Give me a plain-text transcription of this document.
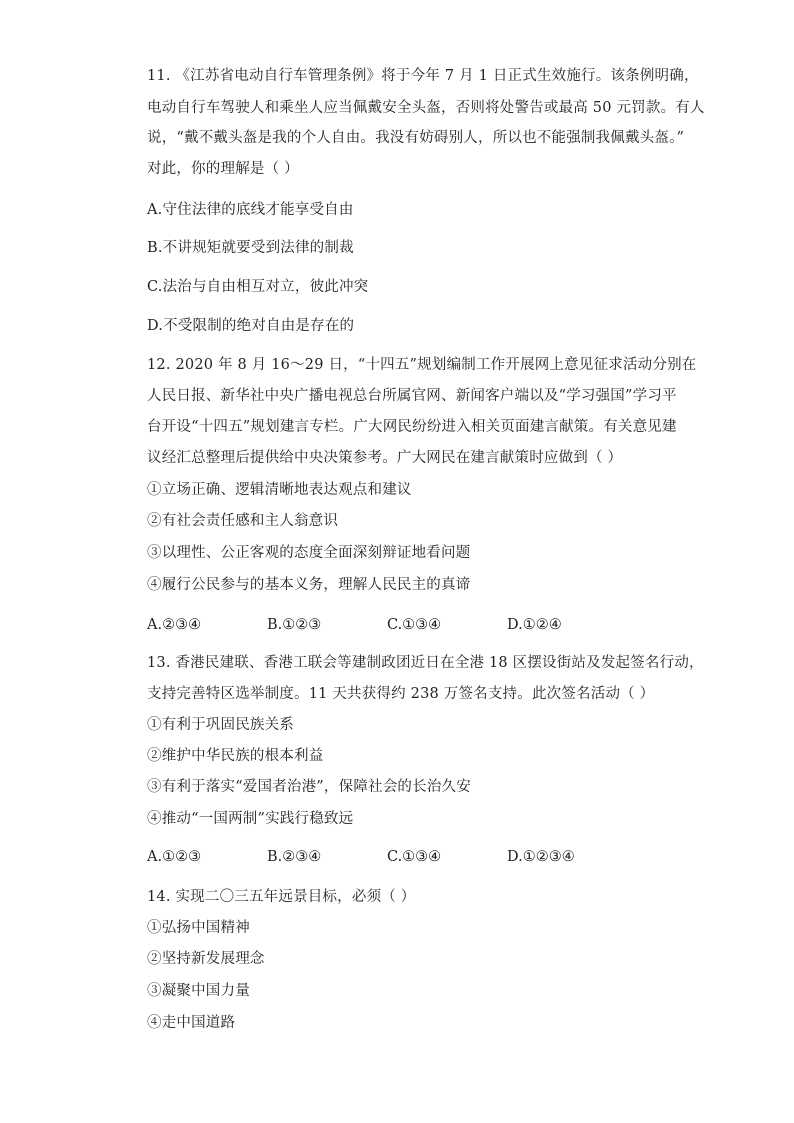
11. 《江苏省电动自行车管理条例》将于今年 7 月 1 日正式生效施行。该条例明确，
电动自行车驾驶人和乘坐人应当佩戴安全头盔，否则将处警告或最高 50 元罚款。有人
说，“戴不戴头盔是我的个人自由。我没有妨碍别人，所以也不能强制我佩戴头盔。”
对此，你的理解是（ ）
A.守住法律的底线才能享受自由
B.不讲规矩就要受到法律的制裁
C.法治与自由相互对立，彼此冲突
D.不受限制的绝对自由是存在的
12. 2020 年 8 月 16～29 日，“十四五”规划编制工作开展网上意见征求活动分别在
人民日报、新华社中央广播电视总台所属官网、新闻客户端以及“学习强国”学习平
台开设“十四五”规划建言专栏。广大网民纷纷进入相关页面建言献策。有关意见建
议经汇总整理后提供给中央决策参考。广大网民在建言献策时应做到（ ）
①立场正确、逻辑清晰地表达观点和建议
②有社会责任感和主人翁意识
③以理性、公正客观的态度全面深刻辩证地看问题
④履行公民参与的基本义务，理解人民民主的真谛
A.②③④	B.①②③	C.①③④	D.①②④
13. 香港民建联、香港工联会等建制政团近日在全港 18 区摆设街站及发起签名行动，
支持完善特区选举制度。11 天共获得约 238 万签名支持。此次签名活动（ ）
①有利于巩固民族关系
②维护中华民族的根本利益
③有利于落实“爱国者治港”，保障社会的长治久安
④推动“一国两制”实践行稳致远
A.①②③	B.②③④	C.①③④	D.①②③④
14. 实现二〇三五年远景目标，必须（ ）
①弘扬中国精神
②坚持新发展理念
③凝聚中国力量
④走中国道路
